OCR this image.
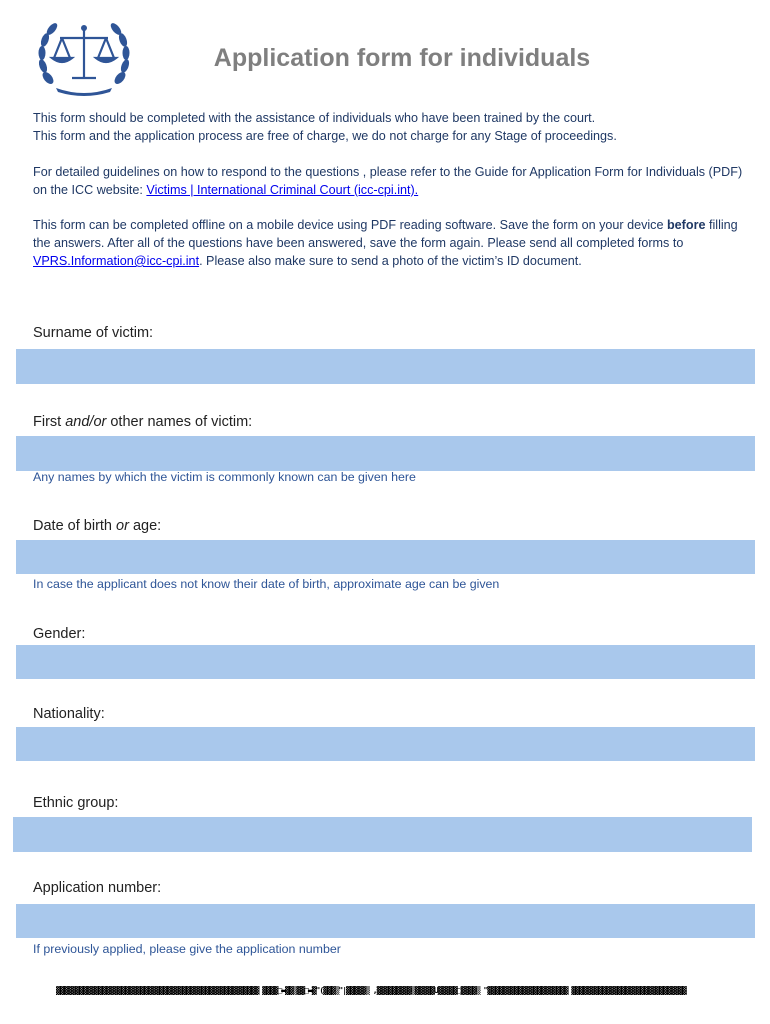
Application form for individuals

This form should be completed with the assistance of individuals who have been trained by the court.
This form and the application process are free of charge, we do not charge for any Stage of proceedings.

For detailed guidelines on how to respond to the questions , please refer to the Guide for Application Form for Individuals (PDF) on the ICC website: Victims | International Criminal Court (icc-cpi.int).

This form can be completed offline on a mobile device using PDF reading software. Save the form on your device before filling the answers. After all of the questions have been answered, save the form again. Please send all completed forms to VPRS.Information@icc-cpi.int. Please also make sure to send a photo of the victim’s ID document.

Surname of victim:

First and/or other names of victim:

Any names by which the victim is commonly known can be given here

Date of birth or age:

In case the applicant does not know their date of birth, approximate age can be given

Gender:

Nationality:

Ethnic group:

Application number:

If previously applied, please give the application number

▓▓▓▓▓▓▓▓▓▓▓▓▓▓▓▓▓▓▓▓▓▓▓▓▓▓▓▓▓▓▓▓▓▓▓▓▓▓▓▓▓▓▓▓▓▓▓▓▓▓▓▓▓ ▓▓▓▓□▬▓▓▒▓▓□▬▓"(▓▓▓▒"|▓▓▓▓▓▒ ,▓▓▓▓▓▓▓▓▓▒▓▓▓▓▓U▓▓▓▓▓□▓▓▓▓▒ "▓▓▓▓▓▓▓▓▓▓▓▓▓▓▓▓▓▓▓▓▓ ▓▓▓▓▓▓▓▓▓▓▓▓▓▓▓▓▓▓▓▓▓▓▓▓▓▓▓▓▓▓
